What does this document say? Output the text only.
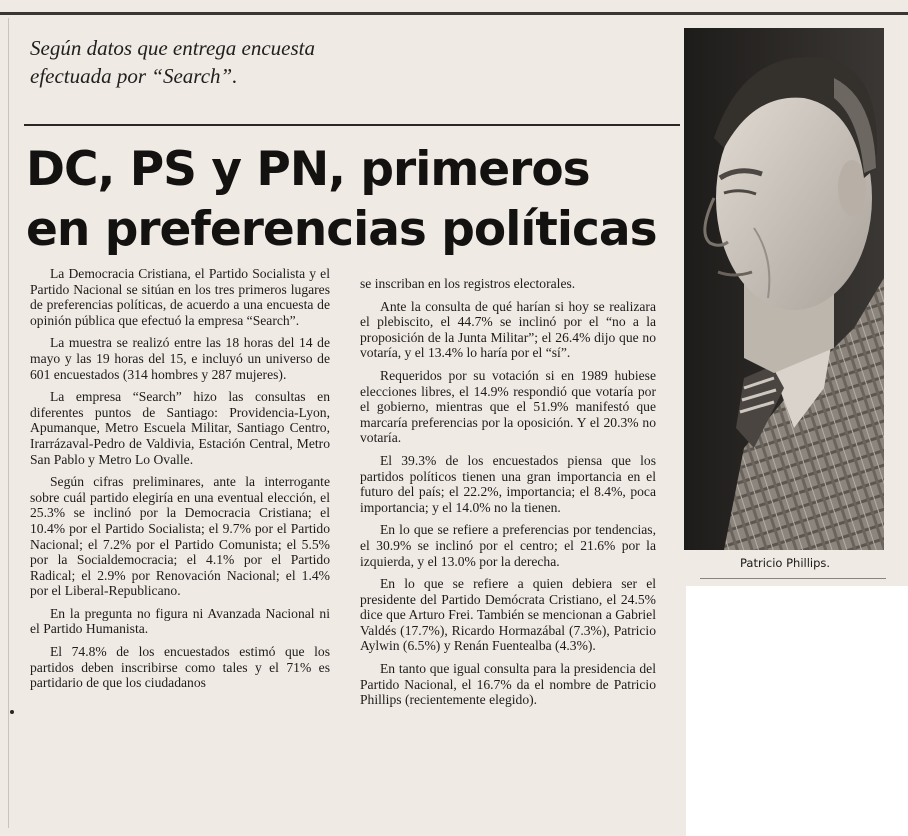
Según datos que entrega encuesta
efectuada por “Search”.
DC, PS y PN, primeros
en preferencias políticas

La Democracia Cristiana, el Partido Socialista y el Partido Nacional se sitúan en los tres primeros lugares de preferencias políticas, de acuerdo a una encuesta de opinión pública que efectuó la empresa “Search”.

La muestra se realizó entre las 18 horas del 14 de mayo y las 19 horas del 15, e incluyó un universo de 601 encuestados (314 hombres y 287 mujeres).

La empresa “Search” hizo las consultas en diferentes puntos de Santiago: Providencia-Lyon, Apumanque, Metro Escuela Militar, Santiago Centro, Irarrázaval-Pedro de Valdivia, Estación Central, Metro San Pablo y Metro Lo Ovalle.

Según cifras preliminares, ante la interrogante sobre cuál partido elegiría en una eventual elección, el 25.3% se inclinó por la Democracia Cristiana; el 10.4% por el Partido Socialista; el 9.7% por el Partido Nacional; el 7.2% por el Partido Comunista; el 5.5% por la Socialdemocracia; el 4.1% por el Partido Radical; el 2.9% por Renovación Nacional; el 1.4% por el Liberal-Republicano.

En la pregunta no figura ni Avanzada Nacional ni el Partido Humanista.

El 74.8% de los encuestados estimó que los partidos deben inscribirse como tales y el 71% es partidario de que los ciudadanos

se inscriban en los registros electorales.

Ante la consulta de qué harían si hoy se realizara el plebiscito, el 44.7% se inclinó por el “no a la proposición de la Junta Militar”; el 26.4% dijo que no votaría, y el 13.4% lo haría por el “sí”.

Requeridos por su votación si en 1989 hubiese elecciones libres, el 14.9% respondió que votaría por el gobierno, mientras que el 51.9% manifestó que marcaría preferencias por la oposición. Y el 20.3% no votaría.

El 39.3% de los encuestados piensa que los partidos políticos tienen una gran importancia en el futuro del país; el 22.2%, importancia; el 8.4%, poca importancia; y el 14.0% no la tienen.

En lo que se refiere a preferencias por tendencias, el 30.9% se inclinó por el centro; el 21.6% por la izquierda, y el 13.0% por la derecha.

En lo que se refiere a quien debiera ser el presidente del Partido Demócrata Cristiano, el 24.5% dice que Arturo Frei. También se mencionan a Gabriel Valdés (17.7%), Ricardo Hormazábal (7.3%), Patricio Aylwin (6.5%) y Renán Fuentealba (4.3%).

En tanto que igual consulta para la presidencia del Partido Nacional, el 16.7% da el nombre de Patricio Phillips (recientemente elegido).

Patricio Phillips.
